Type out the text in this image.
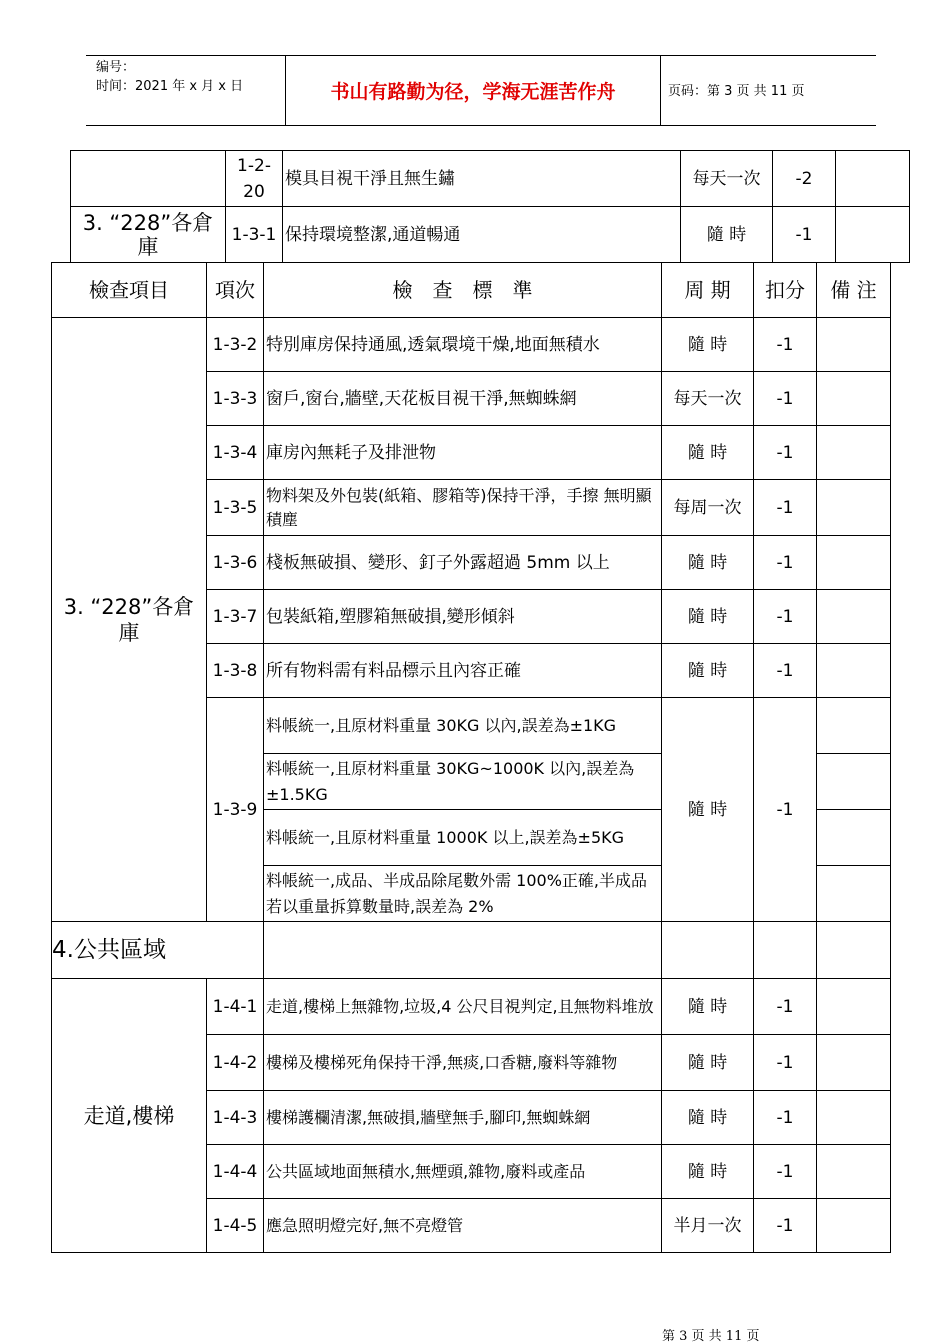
编号：
时间：2021 年 x 月 x 日	书山有路勤为径，学海无涯苦作舟	页码：第 3 页 共 11 页
	1-2-20	模具目視干淨且無生鏽	每天一次	-2	
3. “228”各倉庫	1-3-1	保持環境整潔,通道暢通	隨 時	-1	
檢查項目	項次	檢　查　標　準	周 期	扣分	備 注
3. “228”各倉庫	1-3-2	特別庫房保持通風,透氣環境干燥,地面無積水	隨 時	-1	
	1-3-3	窗戶,窗台,牆壁,天花板目視干淨,無蜘蛛網	每天一次	-1	
	1-3-4	庫房內無耗子及排泄物	隨 時	-1	
	1-3-5	物料架及外包裝(紙箱、膠箱等)保持干淨，手擦 無明顯積塵	每周一次	-1	
	1-3-6	棧板無破損、變形、釘子外露超過 5mm 以上	隨 時	-1	
	1-3-7	包裝紙箱,塑膠箱無破損,變形傾斜	隨 時	-1	
	1-3-8	所有物料需有料品標示且內容正確	隨 時	-1	
	1-3-9	料帳統一,且原材料重量 30KG 以內,誤差為±1KG	隨 時	-1	
		料帳統一,且原材料重量 30KG~1000K 以內,誤差為±1.5KG			
		料帳統一,且原材料重量 1000K 以上,誤差為±5KG			
		料帳統一,成品、半成品除尾數外需 100%正確,半成品若以重量拆算數量時,誤差為 2%			
4.公共區域					
走道,樓梯	1-4-1	走道,樓梯上無雜物,垃圾,4 公尺目視判定,且無物料堆放	隨 時	-1	
	1-4-2	樓梯及樓梯死角保持干淨,無痰,口香糖,廢料等雜物	隨 時	-1	
	1-4-3	樓梯護欄清潔,無破損,牆壁無手,腳印,無蜘蛛網	隨 時	-1	
	1-4-4	公共區域地面無積水,無煙頭,雜物,廢料或產品	隨 時	-1	
	1-4-5	應急照明燈完好,無不亮燈管	半月一次	-1	
第 3 页 共 11 页
